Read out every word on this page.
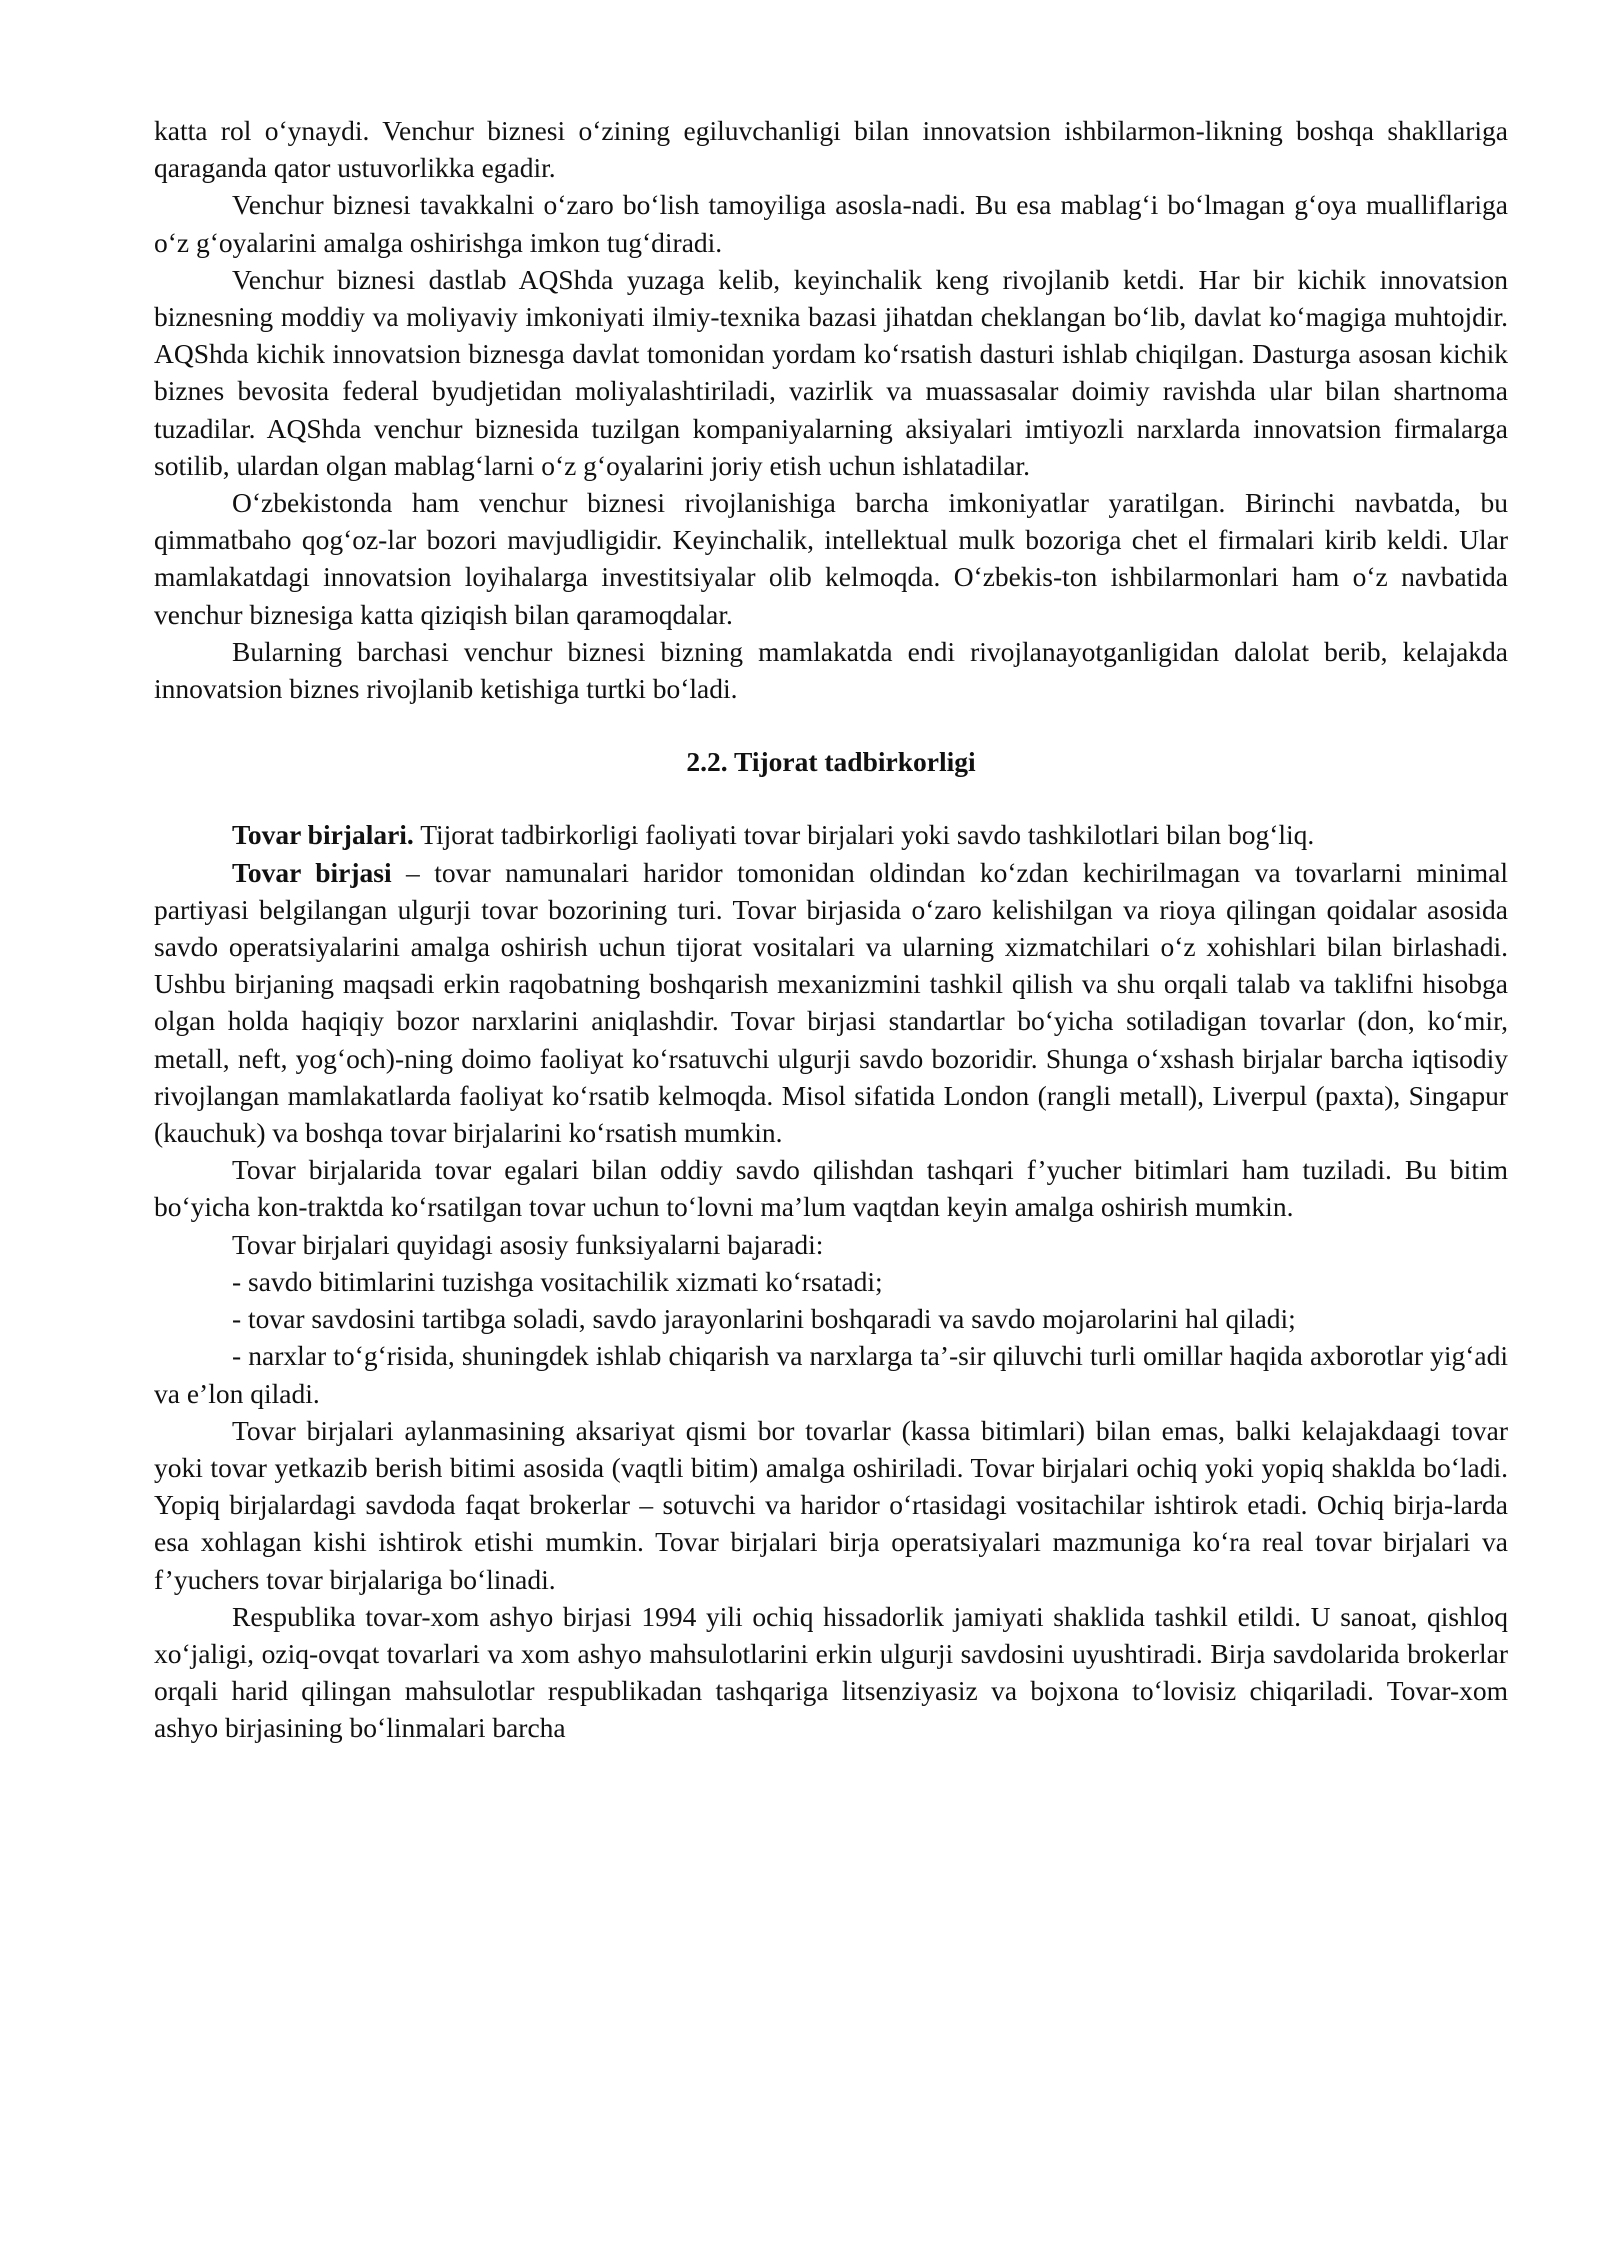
katta rol o‘ynaydi. Venchur biznesi o‘zining egiluvchanligi bilan innovatsion ishbilarmon-likning boshqa shakllariga qaraganda qator ustuvorlikka egadir.

Venchur biznesi tavakkalni o‘zaro bo‘lish tamoyiliga asosla-nadi. Bu esa mablag‘i bo‘lmagan g‘oya mualliflariga o‘z g‘oyalarini amalga oshirishga imkon tug‘diradi.

Venchur biznesi dastlab AQShda yuzaga kelib, keyinchalik keng rivojlanib ketdi. Har bir kichik innovatsion biznesning moddiy va moliyaviy imkoniyati ilmiy-texnika bazasi jihatdan cheklangan bo‘lib, davlat ko‘magiga muhtojdir. AQShda kichik innovatsion biznesga davlat tomonidan yordam ko‘rsatish dasturi ishlab chiqilgan. Dasturga asosan kichik biznes bevosita federal byudjetidan moliyalashtiriladi, vazirlik va muassasalar doimiy ravishda ular bilan shartnoma tuzadilar. AQShda venchur biznesida tuzilgan kompaniyalarning aksiyalari imtiyozli narxlarda innovatsion firmalarga sotilib, ulardan olgan mablag‘larni o‘z g‘oyalarini joriy etish uchun ishlatadilar.

O‘zbekistonda ham venchur biznesi rivojlanishiga barcha imkoniyatlar yaratilgan. Birinchi navbatda, bu qimmatbaho qog‘oz-lar bozori mavjudligidir. Keyinchalik, intellektual mulk bozoriga chet el firmalari kirib keldi. Ular mamlakatdagi innovatsion loyihalarga investitsiyalar olib kelmoqda. O‘zbekis-ton ishbilarmonlari ham o‘z navbatida venchur biznesiga katta qiziqish bilan qaramoqdalar.

Bularning barchasi venchur biznesi bizning mamlakatda endi rivojlanayotganligidan dalolat berib, kelajakda innovatsion biznes rivojlanib ketishiga turtki bo‘ladi.

2.2. Tijorat tadbirkorligi

Tovar birjalari. Tijorat tadbirkorligi faoliyati tovar birjalari yoki savdo tashkilotlari bilan bog‘liq.

Tovar birjasi – tovar namunalari haridor tomonidan oldindan ko‘zdan kechirilmagan va tovarlarni minimal partiyasi belgilangan ulgurji tovar bozorining turi. Tovar birjasida o‘zaro kelishilgan va rioya qilingan qoidalar asosida savdo operatsiyalarini amalga oshirish uchun tijorat vositalari va ularning xizmatchilari o‘z xohishlari bilan birlashadi. Ushbu birjaning maqsadi erkin raqobatning boshqarish mexanizmini tashkil qilish va shu orqali talab va taklifni hisobga olgan holda haqiqiy bozor narxlarini aniqlashdir. Tovar birjasi standartlar bo‘yicha sotiladigan tovarlar (don, ko‘mir, metall, neft, yog‘och)-ning doimo faoliyat ko‘rsatuvchi ulgurji savdo bozoridir. Shunga o‘xshash birjalar barcha iqtisodiy rivojlangan mamlakatlarda faoliyat ko‘rsatib kelmoqda. Misol sifatida London (rangli metall), Liverpul (paxta), Singapur (kauchuk) va boshqa tovar birjalarini ko‘rsatish mumkin.

Tovar birjalarida tovar egalari bilan oddiy savdo qilishdan tashqari f’yucher bitimlari ham tuziladi. Bu bitim bo‘yicha kon-traktda ko‘rsatilgan tovar uchun to‘lovni ma’lum vaqtdan keyin amalga oshirish mumkin.

Tovar birjalari quyidagi asosiy funksiyalarni bajaradi:

- savdo bitimlarini tuzishga vositachilik xizmati ko‘rsatadi;

- tovar savdosini tartibga soladi, savdo jarayonlarini boshqaradi va savdo mojarolarini hal qiladi;

- narxlar to‘g‘risida, shuningdek ishlab chiqarish va narxlarga ta’-sir qiluvchi turli omillar haqida axborotlar yig‘adi va e’lon qiladi.

Tovar birjalari aylanmasining aksariyat qismi bor tovarlar (kassa bitimlari) bilan emas, balki kelajakdaagi tovar yoki tovar yetkazib berish bitimi asosida (vaqtli bitim) amalga oshiriladi. Tovar birjalari ochiq yoki yopiq shaklda bo‘ladi. Yopiq birjalardagi savdoda faqat brokerlar – sotuvchi va haridor o‘rtasidagi vositachilar ishtirok etadi. Ochiq birja-larda esa xohlagan kishi ishtirok etishi mumkin. Tovar birjalari birja operatsiyalari mazmuniga ko‘ra real tovar birjalari va f’yuchers tovar birjalariga bo‘linadi.

Respublika tovar-xom ashyo birjasi 1994 yili ochiq hissadorlik jamiyati shaklida tashkil etildi. U sanoat, qishloq xo‘jaligi, oziq-ovqat tovarlari va xom ashyo mahsulotlarini erkin ulgurji savdosini uyushtiradi. Birja savdolarida brokerlar orqali harid qilingan mahsulotlar respublikadan tashqariga litsenziyasiz va bojxona to‘lovisiz chiqariladi. Tovar-xom ashyo birjasining bo‘linmalari barcha
